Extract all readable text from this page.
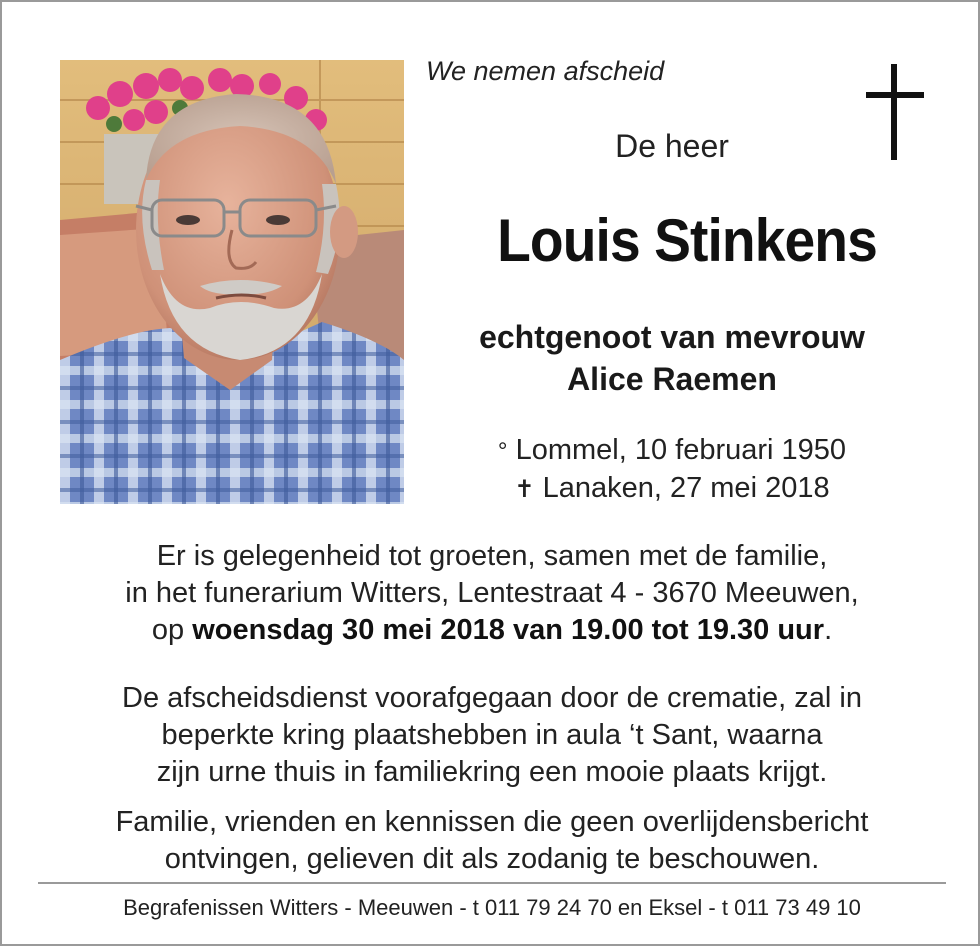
We nemen afscheid
De heer
Louis Stinkens
echtgenoot van mevrouw
Alice Raemen
° Lommel, 10 februari 1950
✝ Lanaken, 27 mei 2018
Er is gelegenheid tot groeten, samen met de familie,
in het funerarium Witters, Lentestraat 4 - 3670 Meeuwen,
op woensdag 30 mei 2018 van 19.00 tot 19.30 uur.
De afscheidsdienst voorafgegaan door de crematie, zal in
beperkte kring plaatshebben in aula ‘t Sant, waarna
zijn urne thuis in familiekring een mooie plaats krijgt.
Familie, vrienden en kennissen die geen overlijdensbericht
ontvingen, gelieven dit als zodanig te beschouwen.
Begrafenissen Witters - Meeuwen - t 011 79 24 70 en Eksel - t 011 73 49 10
